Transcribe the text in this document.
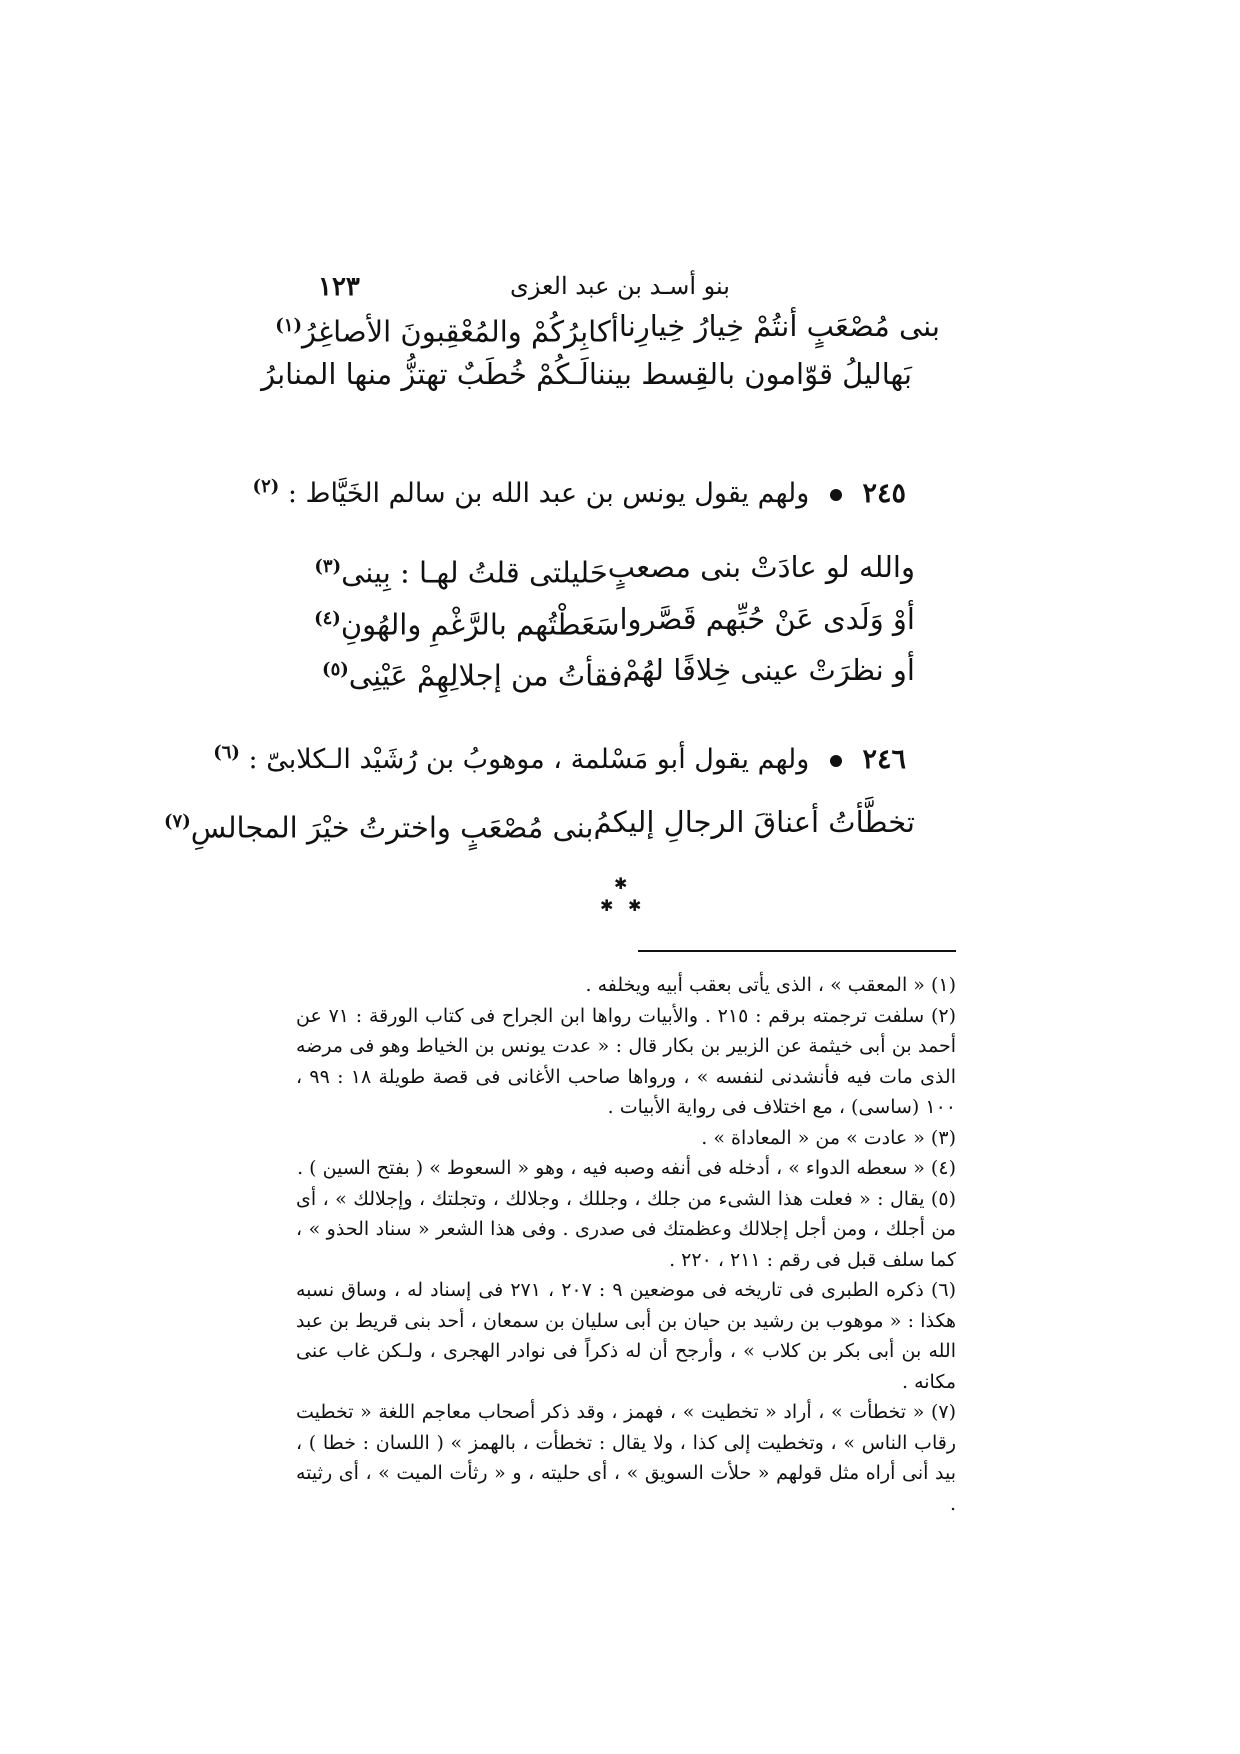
بنو أسـد بن عبد العزى
١٢٣
بنى مُصْعَبٍ أنتُمْ خِيارُ خِيارِنا
أكابِرُكُمْ والمُعْقِبونَ الأصاغِرُ$^{(١)}$
بَهاليلُ قوّامون بالقِسط بيننا
لَـكُمْ خُطَبٌ تهتزُّ منها المنابرُ
٢٤٥  ولهم يقول يونس بن عبد الله بن سالم الخَيَّاط : $^{(٢)}$
والله لو عادَتْ بنى مصعبٍ
حَليلتى قلتُ لهـا : بِينى$^{(٣)}$
أوْ وَلَدى عَنْ حُبِّهم قَصَّروا
سَعَطْتُهم بالرَّغْمِ والهُونِ$^{(٤)}$
أو نظرَتْ عينى خِلافًا لهُمْ
فقأتُ من إجلالِهِمْ عَيْنِى$^{(٥)}$
٢٤٦  ولهم يقول أبو مَسْلمة ، موهوبُ بن رُشَيْد الـكلابىّ : $^{(٦)}$
تخطَّأتُ أعناقَ الرجالِ إليكمُ
بنى مُصْعَبٍ واخترتُ خيْرَ المجالسِ$^{(٧)}$
✱
✱ ✱

(١) « المعقب » ، الذى يأتى بعقب أبيه ويخلفه .

(٢) سلفت ترجمته برقم : ٢١٥ . والأبيات رواها ابن الجراح فى كتاب الورقة : ٧١ عن أحمد بن أبى خيثمة عن الزبير بن بكار قال : « عدت يونس بن الخياط وهو فى مرضه الذى مات فيه فأنشدنى لنفسه » ، ورواها صاحب الأغانى فى قصة طويلة ١٨ : ٩٩ ، ١٠٠ (ساسى) ، مع اختلاف فى رواية الأبيات .

(٣) « عادت » من « المعاداة » .

(٤) « سعطه الدواء » ، أدخله فى أنفه وصبه فيه ، وهو « السعوط » ( بفتح السين ) .

(٥) يقال : « فعلت هذا الشىء من جلك ، وجللك ، وجلالك ، وتجلتك ، وإجلالك » ، أى من أجلك ، ومن أجل إجلالك وعظمتك فى صدرى . وفى هذا الشعر « سناد الحذو » ، كما سلف قبل فى رقم : ٢١١ ، ٢٢٠ .

(٦) ذكره الطبرى فى تاريخه فى موضعين ٩ : ٢٠٧ ، ٢٧١ فى إسناد له ، وساق نسبه هكذا : « موهوب بن رشيد بن حيان بن أبى سليان بن سمعان ، أحد بنى قريط بن عبد الله بن أبى بكر بن كلاب » ، وأرجح أن له ذكراً فى نوادر الهجرى ، ولـكن غاب عنى مكانه .

(٧) « تخطأت » ، أراد « تخطيت » ، فهمز ، وقد ذكر أصحاب معاجم اللغة « تخطيت رقاب الناس » ، وتخطيت إلى كذا ، ولا يقال : تخطأت ، بالهمز » ( اللسان : خطا ) ، بيد أنى أراه مثل قولهم « حلأت السويق » ، أى حليته ، و « رثأت الميت » ، أى رثيته .
